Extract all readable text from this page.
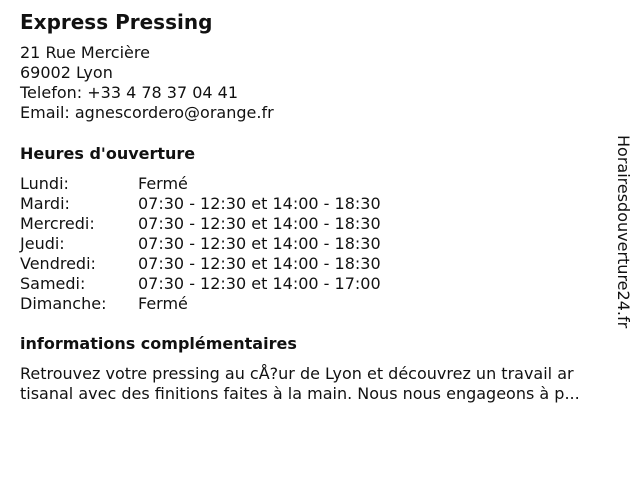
Express Pressing
21 Rue Mercière
69002 Lyon
Telefon: +33 4 78 37 04 41
Email: agnescordero@orange.fr
Heures d'ouverture
Lundi:	Fermé
Mardi:	07:30 - 12:30 et 14:00 - 18:30
Mercredi:	07:30 - 12:30 et 14:00 - 18:30
Jeudi:	07:30 - 12:30 et 14:00 - 18:30
Vendredi:	07:30 - 12:30 et 14:00 - 18:30
Samedi:	07:30 - 12:30 et 14:00 - 17:00
Dimanche: Fermé
informations complémentaires
Retrouvez votre pressing au cÅ?ur de Lyon et découvrez un travail ar
tisanal avec des finitions faites à la main. Nous nous engageons à p...
Horairesdouverture24.fr
